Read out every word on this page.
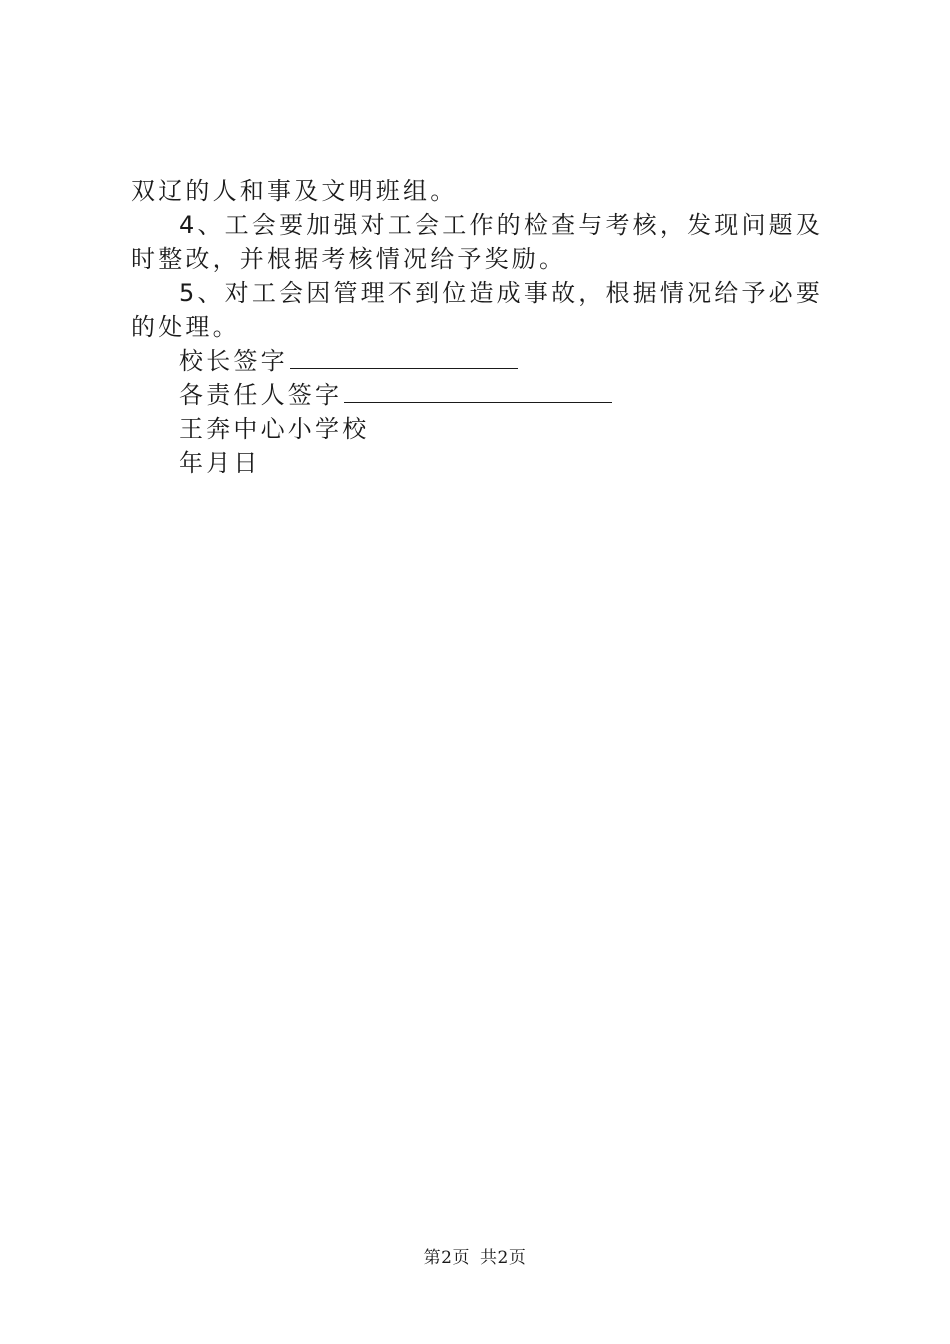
双辽的人和事及文明班组。

4、工会要加强对工会工作的检查与考核，发现问题及时整改，并根据考核情况给予奖励。

5、对工会因管理不到位造成事故，根据情况给予必要的处理。

校长签字

各责任人签字

王奔中心小学校

年月日

第2页 共2页
